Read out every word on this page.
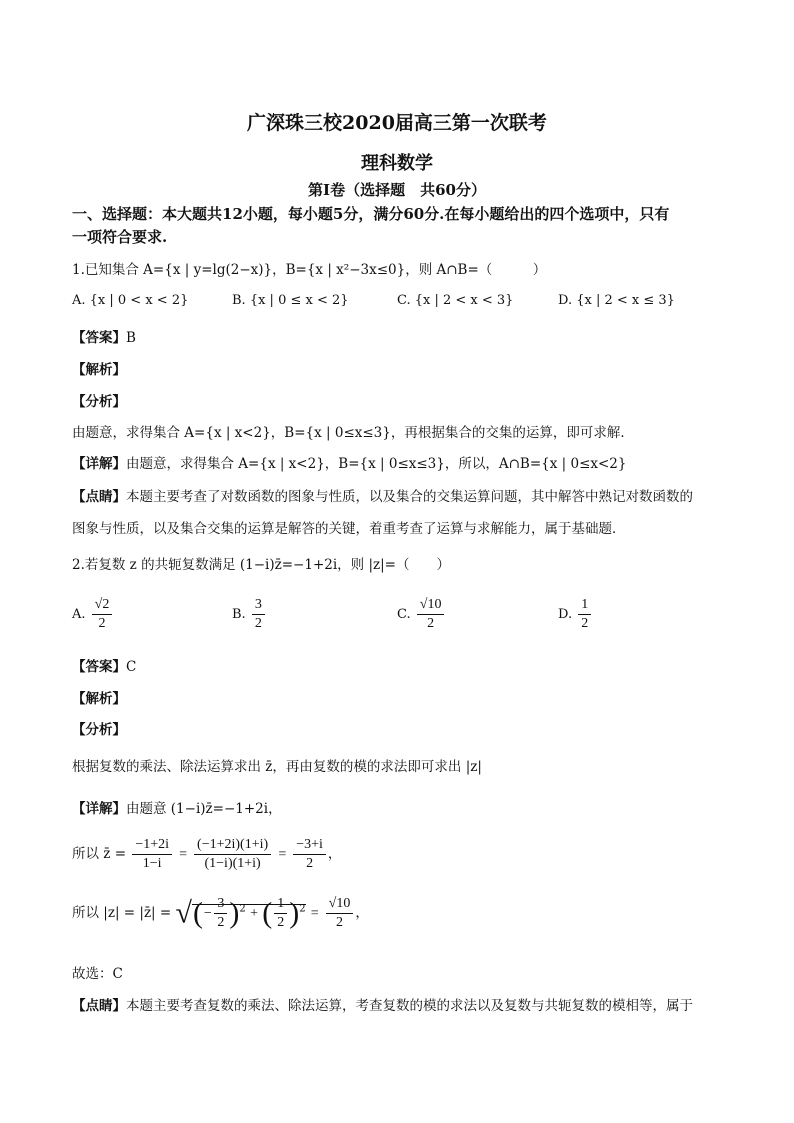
广深珠三校2020届高三第一次联考
理科数学
第Ⅰ卷（选择题　共60分）
一、选择题：本大题共12小题，每小题5分，满分60分.在每小题给出的四个选项中，只有
一项符合要求.
1.已知集合 A={x | y=lg(2−x)}，B={x | x²−3x≤0}，则 A∩B=（　　　）
A. {x | 0 < x < 2}	B. {x | 0 ≤ x < 2}	C. {x | 2 < x < 3}	D. {x | 2 < x ≤ 3}
【答案】B
【解析】
【分析】
由题意，求得集合 A={x | x<2}，B={x | 0≤x≤3}，再根据集合的交集的运算，即可求解．
【详解】由题意，求得集合 A={x | x<2}，B={x | 0≤x≤3}，所以，A∩B={x | 0≤x<2}
【点睛】本题主要考查了对数函数的图象与性质，以及集合的交集运算问题，其中解答中熟记对数函数的
图象与性质，以及集合交集的运算是解答的关键，着重考查了运算与求解能力，属于基础题．
2.若复数 z 的共轭复数满足 (1−i)z̄=−1+2i，则 |z|=（　　）
A. $\frac{√2}{2}$	B. $\frac{3}{2}$	C. $\frac{√10}{2}$	D. $\frac{1}{2}$
【答案】C
【解析】
【分析】
根据复数的乘法、除法运算求出 z̄，再由复数的模的求法即可求出 |z|
【详解】由题意 (1−i)z̄=−1+2i，
所以 z̄ = $\frac{-1+2i}{1-i} = \frac{(-1+2i)(1+i)}{(1-i)(1+i)} = \frac{-3+i}{2}$ ，
所以 |z| = |z̄| = √(− $\frac{3}{2} )^2$ + ( $\frac{1}{2} )^2 = \frac{√10}{2}$ ，
故选：C
【点睛】本题主要考查复数的乘法、除法运算，考查复数的模的求法以及复数与共轭复数的模相等，属于
